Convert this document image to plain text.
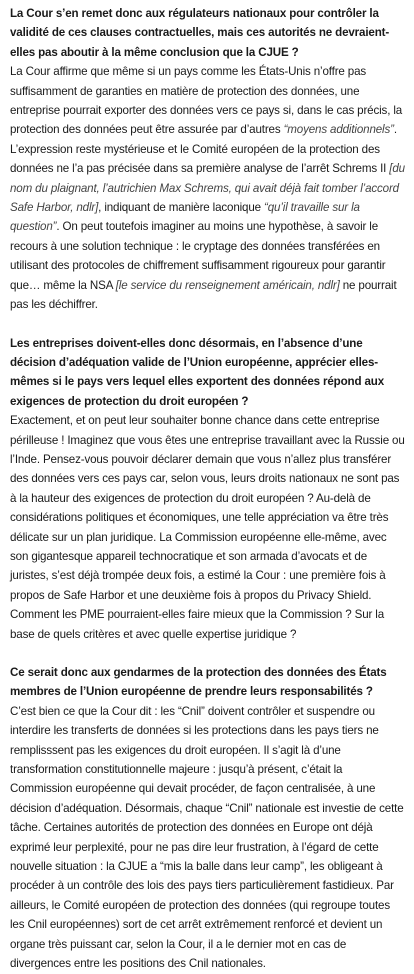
La Cour s’en remet donc aux régulateurs nationaux pour contrôler la validité de ces clauses contractuelles, mais ces autorités ne devraient-elles pas aboutir à la même conclusion que la CJUE ?

La Cour affirme que même si un pays comme les États-Unis n’offre pas suffisamment de garanties en matière de protection des données, une entreprise pourrait exporter des données vers ce pays si, dans le cas précis, la protection des données peut être assurée par d’autres “moyens additionnels”. L’expression reste mystérieuse et le Comité européen de la protection des données ne l’a pas précisée dans sa première analyse de l’arrêt Schrems II [du nom du plaignant, l’autrichien Max Schrems, qui avait déjà fait tomber l’accord Safe Harbor, ndlr], indiquant de manière laconique “qu’il travaille sur la question”. On peut toutefois imaginer au moins une hypothèse, à savoir le recours à une solution technique : le cryptage des données transférées en utilisant des protocoles de chiffrement suffisamment rigoureux pour garantir que… même la NSA [le service du renseignement américain, ndlr] ne pourrait pas les déchiffrer.

Les entreprises doivent-elles donc désormais, en l’absence d’une décision d’adéquation valide de l’Union européenne, apprécier elles-mêmes si le pays vers lequel elles exportent des données répond aux exigences de protection du droit européen ?

Exactement, et on peut leur souhaiter bonne chance dans cette entreprise périlleuse ! Imaginez que vous êtes une entreprise travaillant avec la Russie ou l’Inde. Pensez-vous pouvoir déclarer demain que vous n’allez plus transférer des données vers ces pays car, selon vous, leurs droits nationaux ne sont pas à la hauteur des exigences de protection du droit européen ? Au-delà de considérations politiques et économiques, une telle appréciation va être très délicate sur un plan juridique. La Commission européenne elle-même, avec son gigantesque appareil technocratique et son armada d’avocats et de juristes, s’est déjà trompée deux fois, a estimé la Cour : une première fois à propos de Safe Harbor et une deuxième fois à propos du Privacy Shield. Comment les PME pourraient-elles faire mieux que la Commission ? Sur la base de quels critères et avec quelle expertise juridique ?

Ce serait donc aux gendarmes de la protection des données des États membres de l’Union européenne de prendre leurs responsabilités ?

C’est bien ce que la Cour dit : les “Cnil” doivent contrôler et suspendre ou interdire les transferts de données si les protections dans les pays tiers ne remplisssent pas les exigences du droit européen. Il s’agit là d’une transformation constitutionnelle majeure : jusqu’à présent, c’était la Commission européenne qui devait procéder, de façon centralisée, à une décision d’adéquation. Désormais, chaque “Cnil” nationale est investie de cette tâche. Certaines autorités de protection des données en Europe ont déjà exprimé leur perplexité, pour ne pas dire leur frustration, à l’égard de cette nouvelle situation : la CJUE a “mis la balle dans leur camp”, les obligeant à procéder à un contrôle des lois des pays tiers particulièrement fastidieux. Par ailleurs, le Comité européen de protection des données (qui regroupe toutes les Cnil européennes) sort de cet arrêt extrêmement renforcé et devient un organe très puissant car, selon la Cour, il a le dernier mot en cas de divergences entre les positions des Cnil nationales.
